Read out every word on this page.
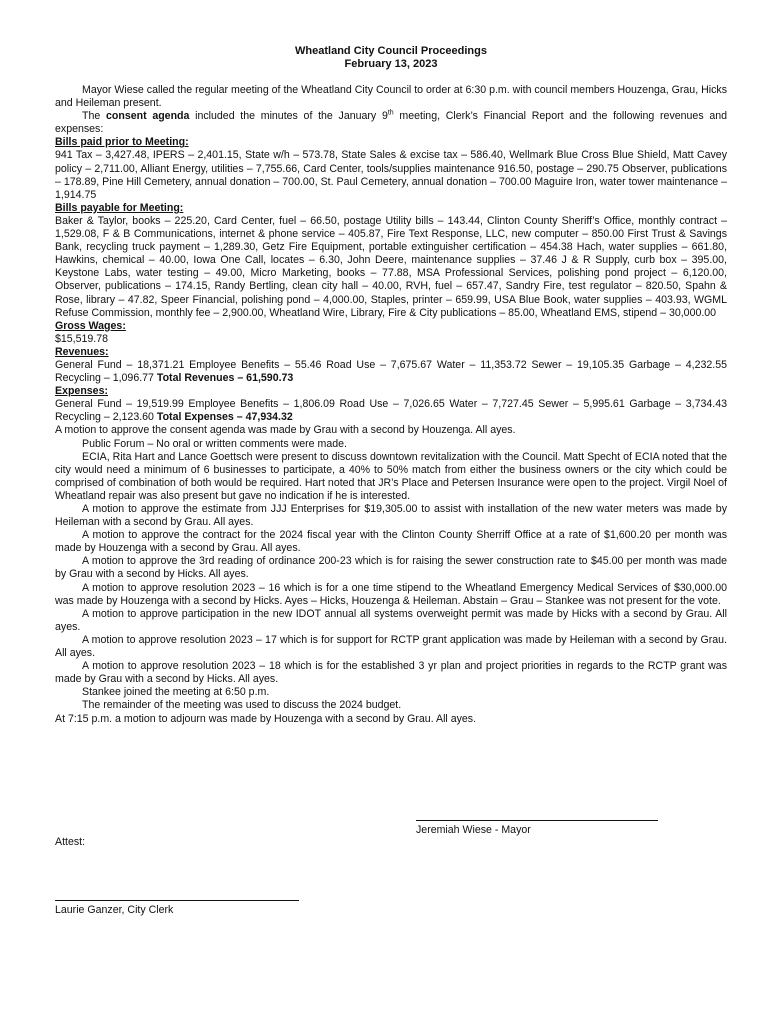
Wheatland City Council Proceedings
February 13, 2023

Mayor Wiese called the regular meeting of the Wheatland City Council to order at 6:30 p.m. with council members Houzenga, Grau, Hicks and Heileman present.

The consent agenda included the minutes of the January 9th meeting, Clerk’s Financial Report and the following revenues and expenses:

Bills paid prior to Meeting:

941 Tax – 3,427.48, IPERS – 2,401.15, State w/h – 573.78, State Sales & excise tax – 586.40, Wellmark Blue Cross Blue Shield, Matt Cavey policy – 2,711.00, Alliant Energy, utilities – 7,755.66, Card Center, tools/supplies maintenance 916.50, postage – 290.75 Observer, publications – 178.89, Pine Hill Cemetery, annual donation – 700.00, St. Paul Cemetery, annual donation – 700.00 Maguire Iron, water tower maintenance – 1,914.75

Bills payable for Meeting:

Baker & Taylor, books – 225.20, Card Center, fuel – 66.50, postage Utility bills – 143.44, Clinton County Sheriff’s Office, monthly contract – 1,529.08, F & B Communications, internet & phone service – 405.87, Fire Text Response, LLC, new computer – 850.00 First Trust & Savings Bank, recycling truck payment – 1,289.30, Getz Fire Equipment, portable extinguisher certification – 454.38 Hach, water supplies – 661.80, Hawkins, chemical – 40.00, Iowa One Call, locates – 6.30, John Deere, maintenance supplies – 37.46 J & R Supply, curb box – 395.00, Keystone Labs, water testing – 49.00, Micro Marketing, books – 77.88, MSA Professional Services, polishing pond project – 6,120.00, Observer, publications – 174.15, Randy Bertling, clean city hall – 40.00, RVH, fuel – 657.47, Sandry Fire, test regulator – 820.50, Spahn & Rose, library – 47.82, Speer Financial, polishing pond – 4,000.00, Staples, printer – 659.99, USA Blue Book, water supplies – 403.93, WGML Refuse Commission, monthly fee – 2,900.00, Wheatland Wire, Library, Fire & City publications – 85.00, Wheatland EMS, stipend – 30,000.00

Gross Wages:
$15,519.78
Revenues:

General Fund – 18,371.21 Employee Benefits – 55.46 Road Use – 7,675.67 Water – 11,353.72 Sewer – 19,105.35 Garbage – 4,232.55 Recycling – 1,096.77 Total Revenues – 61,590.73

Expenses:

General Fund – 19,519.99 Employee Benefits – 1,806.09 Road Use – 7,026.65 Water – 7,727.45 Sewer – 5,995.61 Garbage – 3,734.43 Recycling – 2,123.60 Total Expenses – 47,934.32

A motion to approve the consent agenda was made by Grau with a second by Houzenga. All ayes.

Public Forum – No oral or written comments were made.

ECIA, Rita Hart and Lance Goettsch were present to discuss downtown revitalization with the Council. Matt Specht of ECIA noted that the city would need a minimum of 6 businesses to participate, a 40% to 50% match from either the business owners or the city which could be comprised of combination of both would be required. Hart noted that JR’s Place and Petersen Insurance were open to the project. Virgil Noel of Wheatland repair was also present but gave no indication if he is interested.

A motion to approve the estimate from JJJ Enterprises for $19,305.00 to assist with installation of the new water meters was made by Heileman with a second by Grau. All ayes.

A motion to approve the contract for the 2024 fiscal year with the Clinton County Sherriff Office at a rate of $1,600.20 per month was made by Houzenga with a second by Grau. All ayes.

A motion to approve the 3rd reading of ordinance 200-23 which is for raising the sewer construction rate to $45.00 per month was made by Grau with a second by Hicks. All ayes.

A motion to approve resolution 2023 – 16 which is for a one time stipend to the Wheatland Emergency Medical Services of $30,000.00 was made by Houzenga with a second by Hicks. Ayes – Hicks, Houzenga & Heileman. Abstain – Grau – Stankee was not present for the vote.

A motion to approve participation in the new IDOT annual all systems overweight permit was made by Hicks with a second by Grau. All ayes.

A motion to approve resolution 2023 – 17 which is for support for RCTP grant application was made by Heileman with a second by Grau. All ayes.

A motion to approve resolution 2023 – 18 which is for the established 3 yr plan and project priorities in regards to the RCTP grant was made by Grau with a second by Hicks. All ayes.

Stankee joined the meeting at 6:50 p.m.

The remainder of the meeting was used to discuss the 2024 budget.

At 7:15 p.m. a motion to adjourn was made by Houzenga with a second by Grau. All ayes.

Jeremiah Wiese - Mayor
Attest:
Laurie Ganzer, City Clerk
